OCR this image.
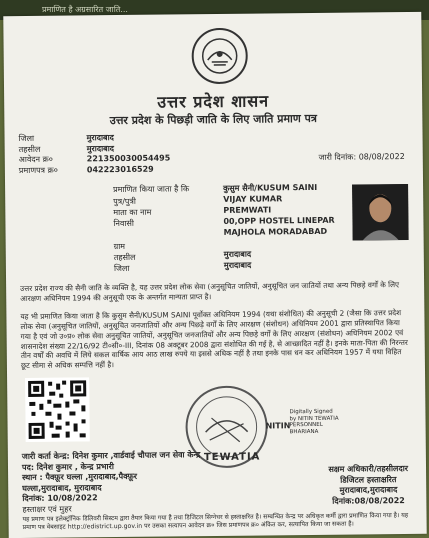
प्रमाणित है अग्रसारित जाति...
उत्तर प्रदेश शासन
उत्तर प्रदेश के पिछड़ी जाति के लिए जाति प्रमाण पत्र
जिला
तहसील
आवेदन क्र०
प्रमाणपत्र क्र०
मुरादाबाद
मुरादाबाद
221350030054495
042223016529
जारी दिनांक: 08/08/2022
प्रमाणित किया जाता है कि
पुत्र/पुत्री
माता का नाम
निवासी
ग्राम
तहसील
जिला
कुसुम सैनी/KUSUM SAINI
VIJAY KUMAR
PREMWATI
00,OPP HOSTEL LINEPAR
MAJHOLA MORADABAD
मुरादाबाद
मुरादाबाद
उत्तर प्रदेश राज्य की सैनी जाति के व्यक्ति है, यह उत्तर प्रदेश लोक सेवा (अनुसूचित जातियों, अनुसूचित जन जातियों तथा अन्य पिछड़े वर्गों के लिए आरक्षण अधिनियम 1994 की अनुसूची एक के अन्तर्गत मान्यता प्राप्त है।
यह भी प्रमाणित किया जाता है कि कुसुम सैनी/KUSUM SAINI पूर्वोक्त अधिनियम 1994 (यथा संशोधित) की अनुसूची 2 (जैसा कि उत्तर प्रदेश लोक सेवा (अनुसूचित जातियों, अनुसूचित जनजातियों और अन्य पिछड़े वर्गों के लिए आरक्षण (संशोधन) अधिनियम 2001 द्वारा प्रतिस्थापित किया गया है एवं जो उ०प्र० लोक सेवा अनुसूचित जातियों, अनुसूचित जनजातियों और अन्य पिछड़े वर्गों के लिए आरक्षण (संशोधन) अधिनियम 2002 एवं शासनादेश संख्या 22/16/92 टी०सी०-III, दिनांक 08 अक्टूबर 2008 द्वारा संशोधित की गई है, से आच्छादित नहीं है। इनके माता-पिता की निरन्तर तीन वर्षों की अवधि में लिये सकल वार्षिक आय आठ लाख रुपये या इससे अधिक नहीं है तथा इनके पास धन कर अधिनियम 1957 में यथा विहित छूट सीमा से अधिक सम्पत्ति नहीं है।
Digitally Signed by NITIN TEWATIA PERSONNEL BHARIANA
NITIN
TEWATIA
जारी कर्ता केन्द्र: दिनेश कुमार ,वार्डवाई चौपाल जन सेवा केन्द्र
पद: दिनेश कुमार , केन्द्र प्रभारी
स्थान : पैक्फ़ूर घल्ला ,मुरादाबाद,पैक्फ़ूर
घल्ला,मुरादाबाद, मुरादाबाद
दिनांक: 10/08/2022
हस्ताक्षर एवं मुहर
सक्षम अधिकारी/तहसीलदार
डिजिटल हस्ताक्षरित
मुरादाबाद,मुरादाबाद
दिनांक:08/08/2022
यह प्रमाण पत्र इलेक्ट्रॉनिक डिलिवरी सिस्टम द्वारा तैयार किया गया है तथा डिजिटल सिग्नेचर से हस्ताक्षरित है। सम्बन्धित केन्द्र पर अधिकृत कर्मी द्वारा प्रमाणित किया गया है। यह प्रमाण पत्र वेबसाइट http://edistrict.up.gov.in पर उसका सत्यापन आवेदन क्र० जिस प्रमाणपत्र क्र० अंकित कर, सत्यापित किया जा सकता है।
